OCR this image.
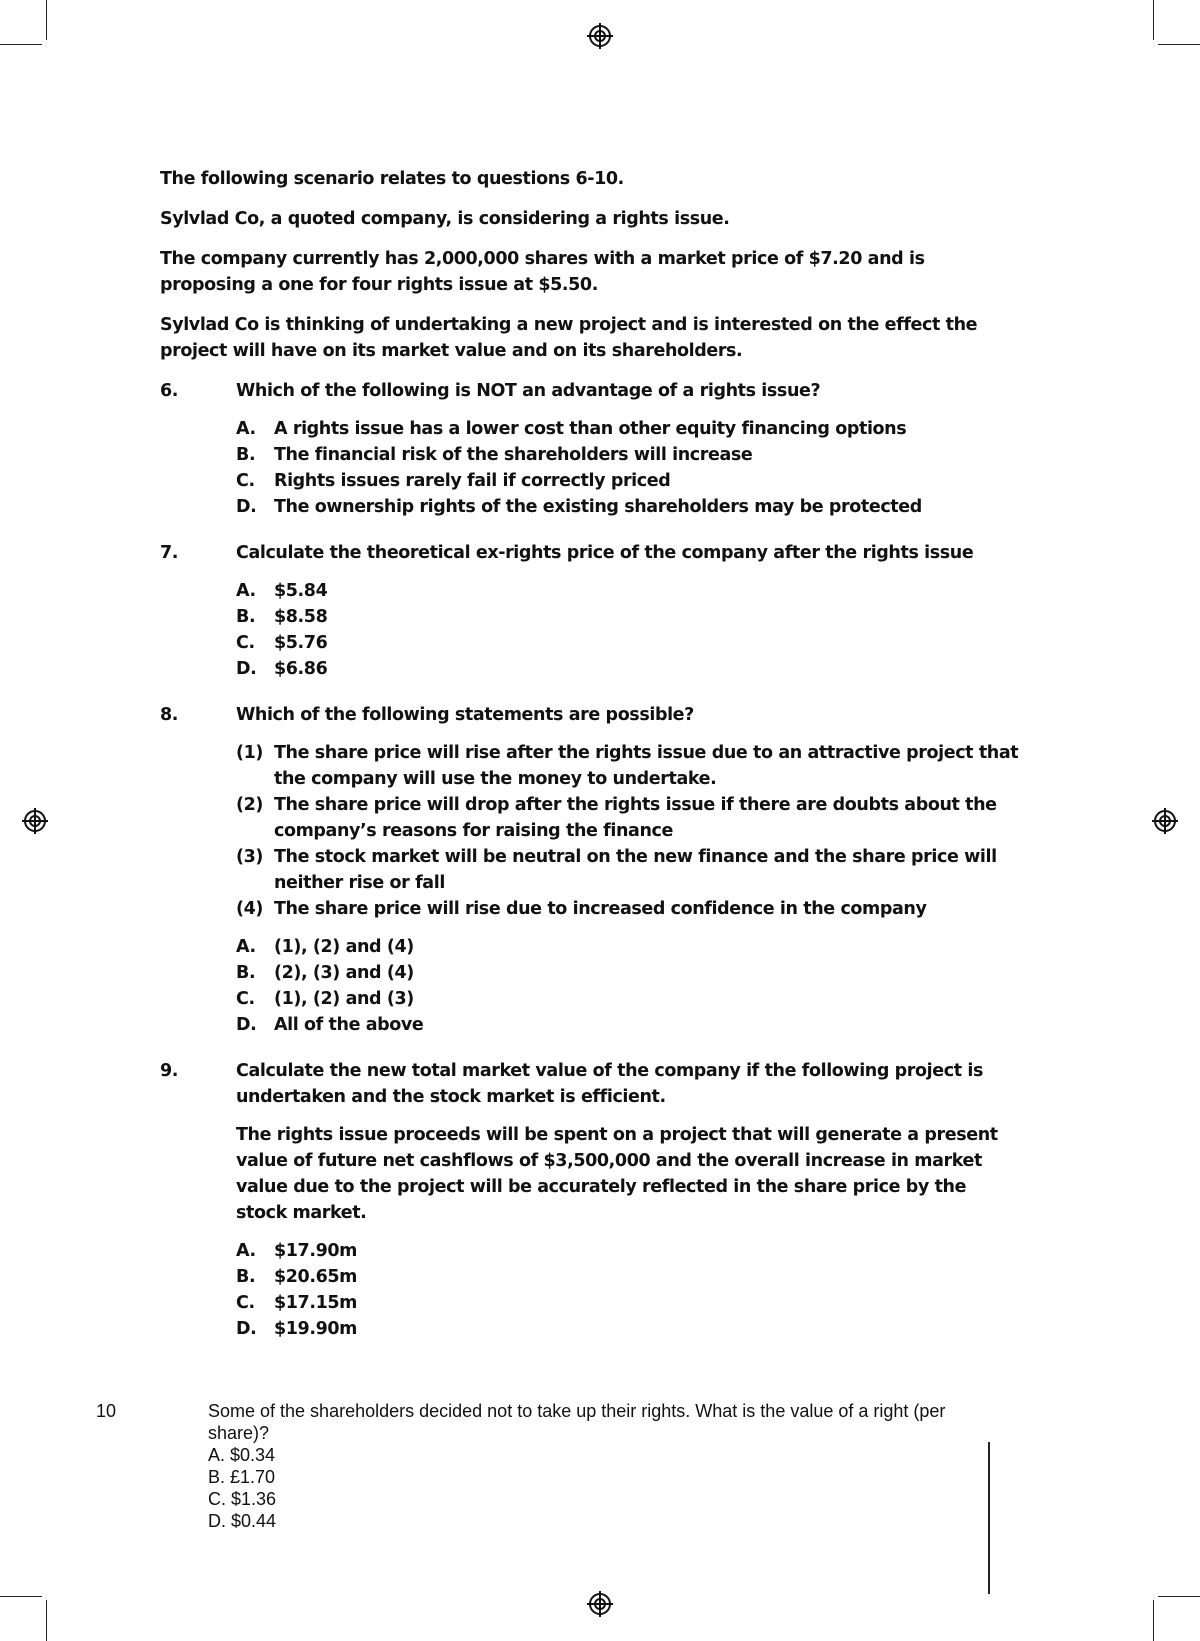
The following scenario relates to questions 6-10.

Sylvlad Co, a quoted company, is considering a rights issue.

The company currently has 2,000,000 shares with a market price of $7.20 and is proposing a one for four rights issue at $5.50.

Sylvlad Co is thinking of undertaking a new project and is interested on the effect the project will have on its market value and on its shareholders.

6.	Which of the following is NOT an advantage of a rights issue?
A.	A rights issue has a lower cost than other equity financing options
B.	The financial risk of the shareholders will increase
C.	Rights issues rarely fail if correctly priced
D.	The ownership rights of the existing shareholders may be protected
7.	Calculate the theoretical ex-rights price of the company after the rights issue
A.	$5.84
B.	$8.58
C.	$5.76
D.	$6.86
8.	Which of the following statements are possible?
(1) The share price will rise after the rights issue due to an attractive project that the company will use the money to undertake.
(2) The share price will drop after the rights issue if there are doubts about the company’s reasons for raising the finance
(3) The stock market will be neutral on the new finance and the share price will neither rise or fall
(4) The share price will rise due to increased confidence in the company
A.	(1), (2) and (4)
B.	(2), (3) and (4)
C.	(1), (2) and (3)
D.	All of the above
9.	Calculate the new total market value of the company if the following project is undertaken and the stock market is efficient.
The rights issue proceeds will be spent on a project that will generate a present value of future net cashflows of $3,500,000 and the overall increase in market value due to the project will be accurately reflected in the share price by the stock market.
A.	$17.90m
B.	$20.65m
C.	$17.15m
D.	$19.90m
10	Some of the shareholders decided not to take up their rights. What is the value of a right (per share)?
A. $0.34
B. £1.70
C. $1.36
D. $0.44
